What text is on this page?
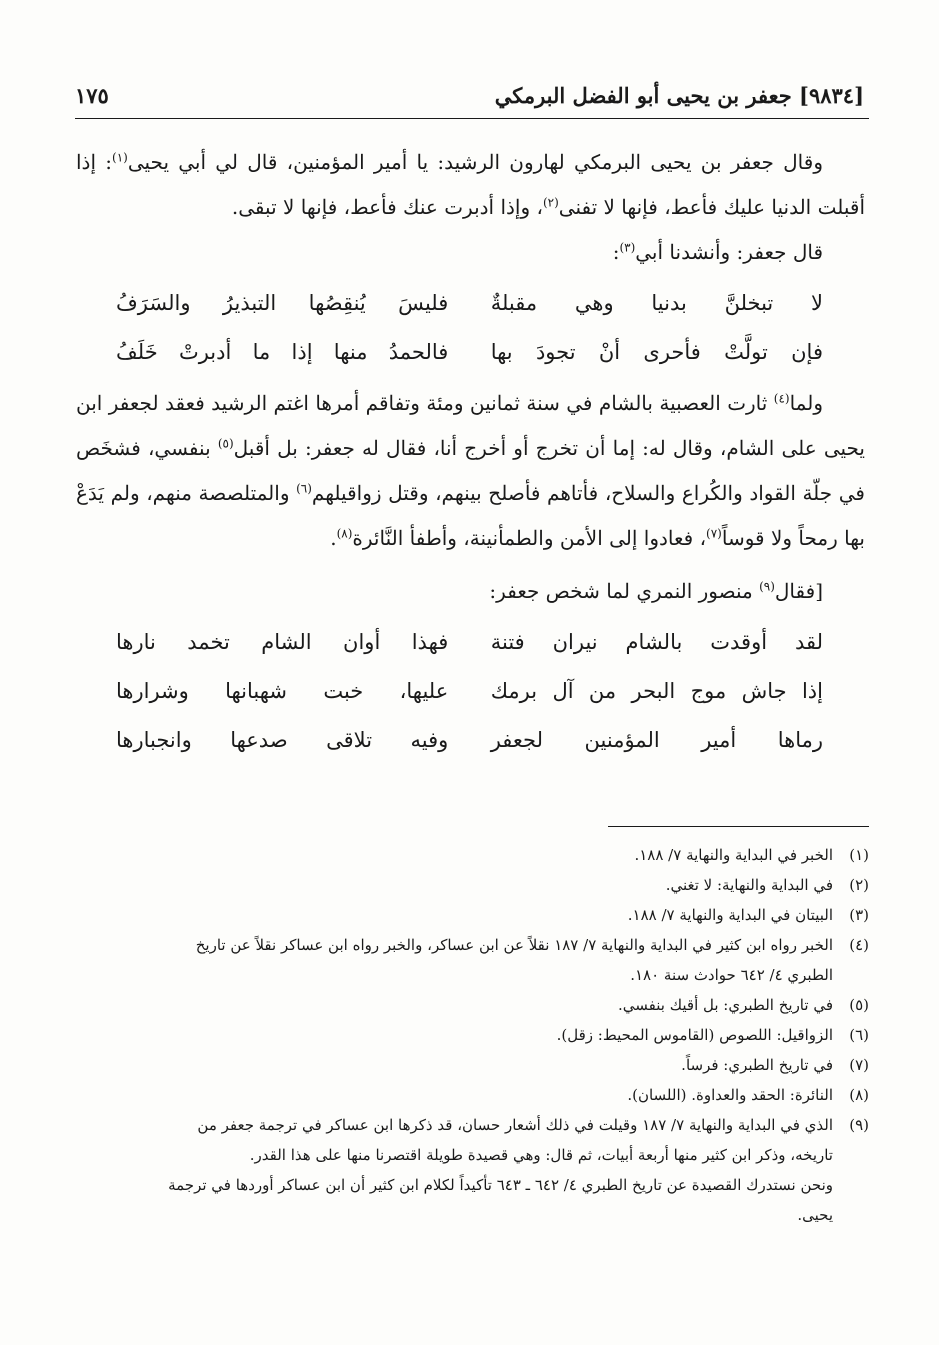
[٩٨٣٤] جعفر بن يحيى أبو الفضل البرمكي
١٧٥

وقال جعفر بن يحيى البرمكي لهارون الرشيد: يا أمير المؤمنين، قال لي أبي يحيى$^{(١)}$: إذا أقبلت الدنيا عليك فأعط، فإنها لا تفنى$^{(٢)}$، وإذا أدبرت عنك فأعط، فإنها لا تبقى.

قال جعفر: وأنشدنا أبي$^{(٣)}$:

لا تبخلنَّ بدنيا وهي مقبلةٌ
فليسَ يُنقِصُها التبذيرُ والسَرَفُ
فإن تولَّتْ فأحرى أنْ تجودَ بها
فالحمدُ منها إذا ما أدبرتْ خَلَفُ

ولما$^{(٤)}$ ثارت العصبية بالشام في سنة ثمانين ومئة وتفاقم أمرها اغتم الرشيد فعقد لجعفر ابن يحيى على الشام، وقال له: إما أن تخرج أو أخرج أنا، فقال له جعفر: بل أقبل$^{(٥)}$ بنفسي، فشخَص في جلّة القواد والكُراع والسلاح، فأتاهم فأصلح بينهم، وقتل زواقيلهم$^{(٦)}$ والمتلصصة منهم، ولم يَدَعْ بها رمحاً ولا قوساً$^{(٧)}$، فعادوا إلى الأمن والطمأنينة، وأطفأ النَّائرة$^{(٨)}$.

[فقال$^{(٩)}$ منصور النمري لما شخص جعفر:

لقد أوقدت بالشام نيران فتنة
فهذا أوان الشام تخمد نارها
إذا جاش موج البحر من آل برمك
عليها، خبت شهبانها وشرارها
رماها أمير المؤمنين لجعفر
وفيه تلاقى صدعها وانجبارها
(١)
الخبر في البداية والنهاية ٧/ ١٨٨.
(٢)
في البداية والنهاية: لا تغني.
(٣)
البيتان في البداية والنهاية ٧/ ١٨٨.
(٤)
الخبر رواه ابن كثير في البداية والنهاية ٧/ ١٨٧ نقلاً عن ابن عساكر، والخبر رواه ابن عساكر نقلاً عن تاريخ
الطبري ٤/ ٦٤٢ حوادث سنة ١٨٠.
(٥)
في تاريخ الطبري: بل أقيك بنفسي.
(٦)
الزواقيل: اللصوص (القاموس المحيط: زقل).
(٧)
في تاريخ الطبري: فرساً.
(٨)
النائرة: الحقد والعداوة. (اللسان).
(٩)
الذي في البداية والنهاية ٧/ ١٨٧ وقيلت في ذلك أشعار حسان، قد ذكرها ابن عساكر في ترجمة جعفر من
تاريخه، وذكر ابن كثير منها أربعة أبيات، ثم قال: وهي قصيدة طويلة اقتصرنا منها على هذا القدر.
ونحن نستدرك القصيدة عن تاريخ الطبري ٤/ ٦٤٢ ـ ٦٤٣ تأكيداً لكلام ابن كثير أن ابن عساكر أوردها في ترجمة
يحيى.
